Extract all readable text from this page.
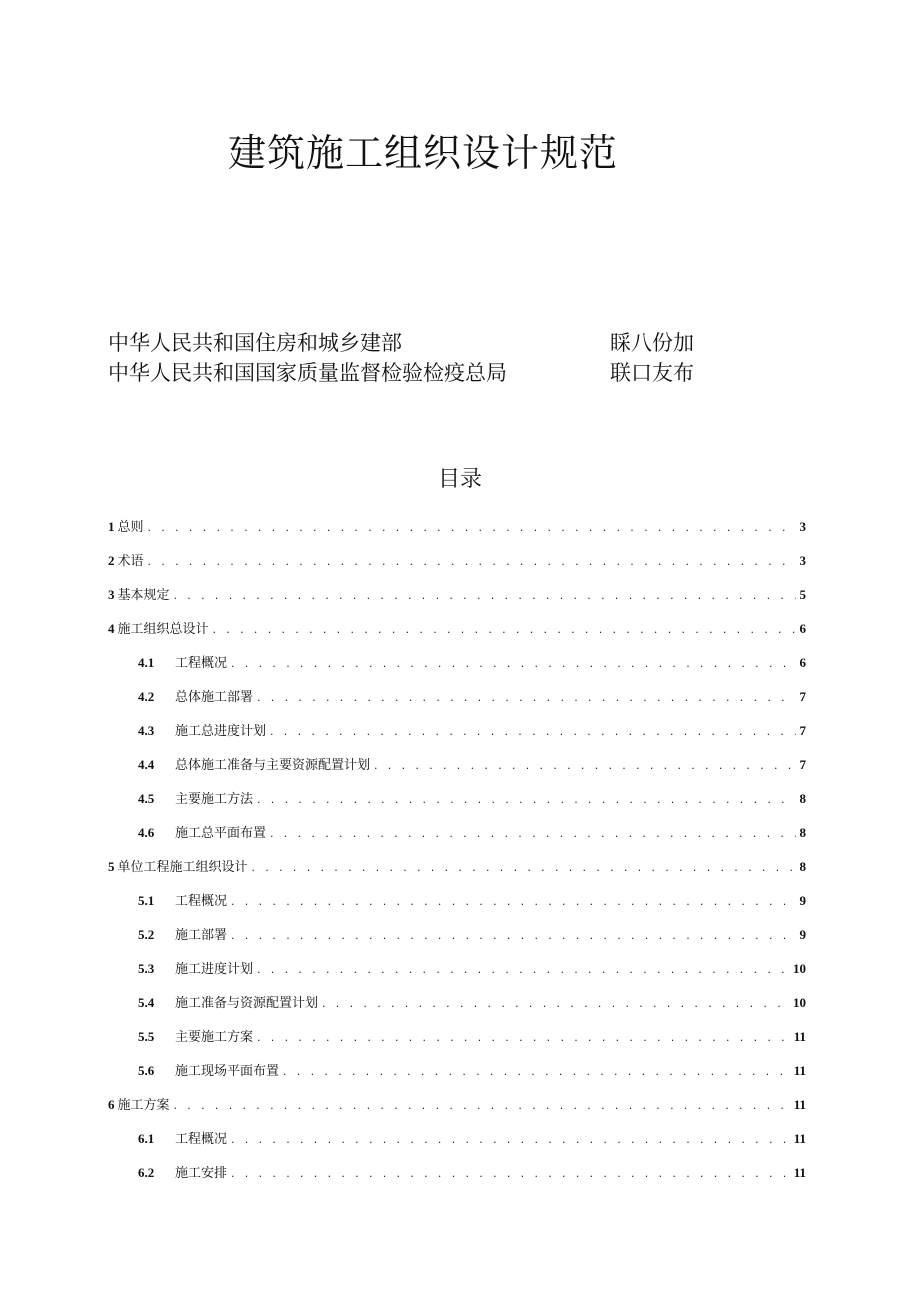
建筑施工组织设计规范
中华人民共和国住房和城乡建部	睬八份加
中华人民共和国国家质量监督检验检疫总局	联口友布
目录
1 总则 . . .	3
2 术语 . . .	3
3 基本规定 . . .	5
4 施工组织总设计 . . .	6
4.1	工程概况 . . .	6
4.2	总体施工部署 . . .	7
4.3	施工总进度计划 . . .	7
4.4	总体施工准备与主要资源配置计划 . . .	7
4.5	主要施工方法 . . .	8
4.6	施工总平面布置 . . .	8
5 单位工程施工组织设计 . . .	8
5.1	工程概况 . . .	9
5.2	施工部署 . . .	9
5.3	施工进度计划 . . .	10
5.4	施工准备与资源配置计划 . . .	10
5.5	主要施工方案 . . .	11
5.6	施工现场平面布置 . . .	11
6 施工方案 . . .	11
6.1	工程概况 . . .	11
6.2	施工安排 . . .	11
